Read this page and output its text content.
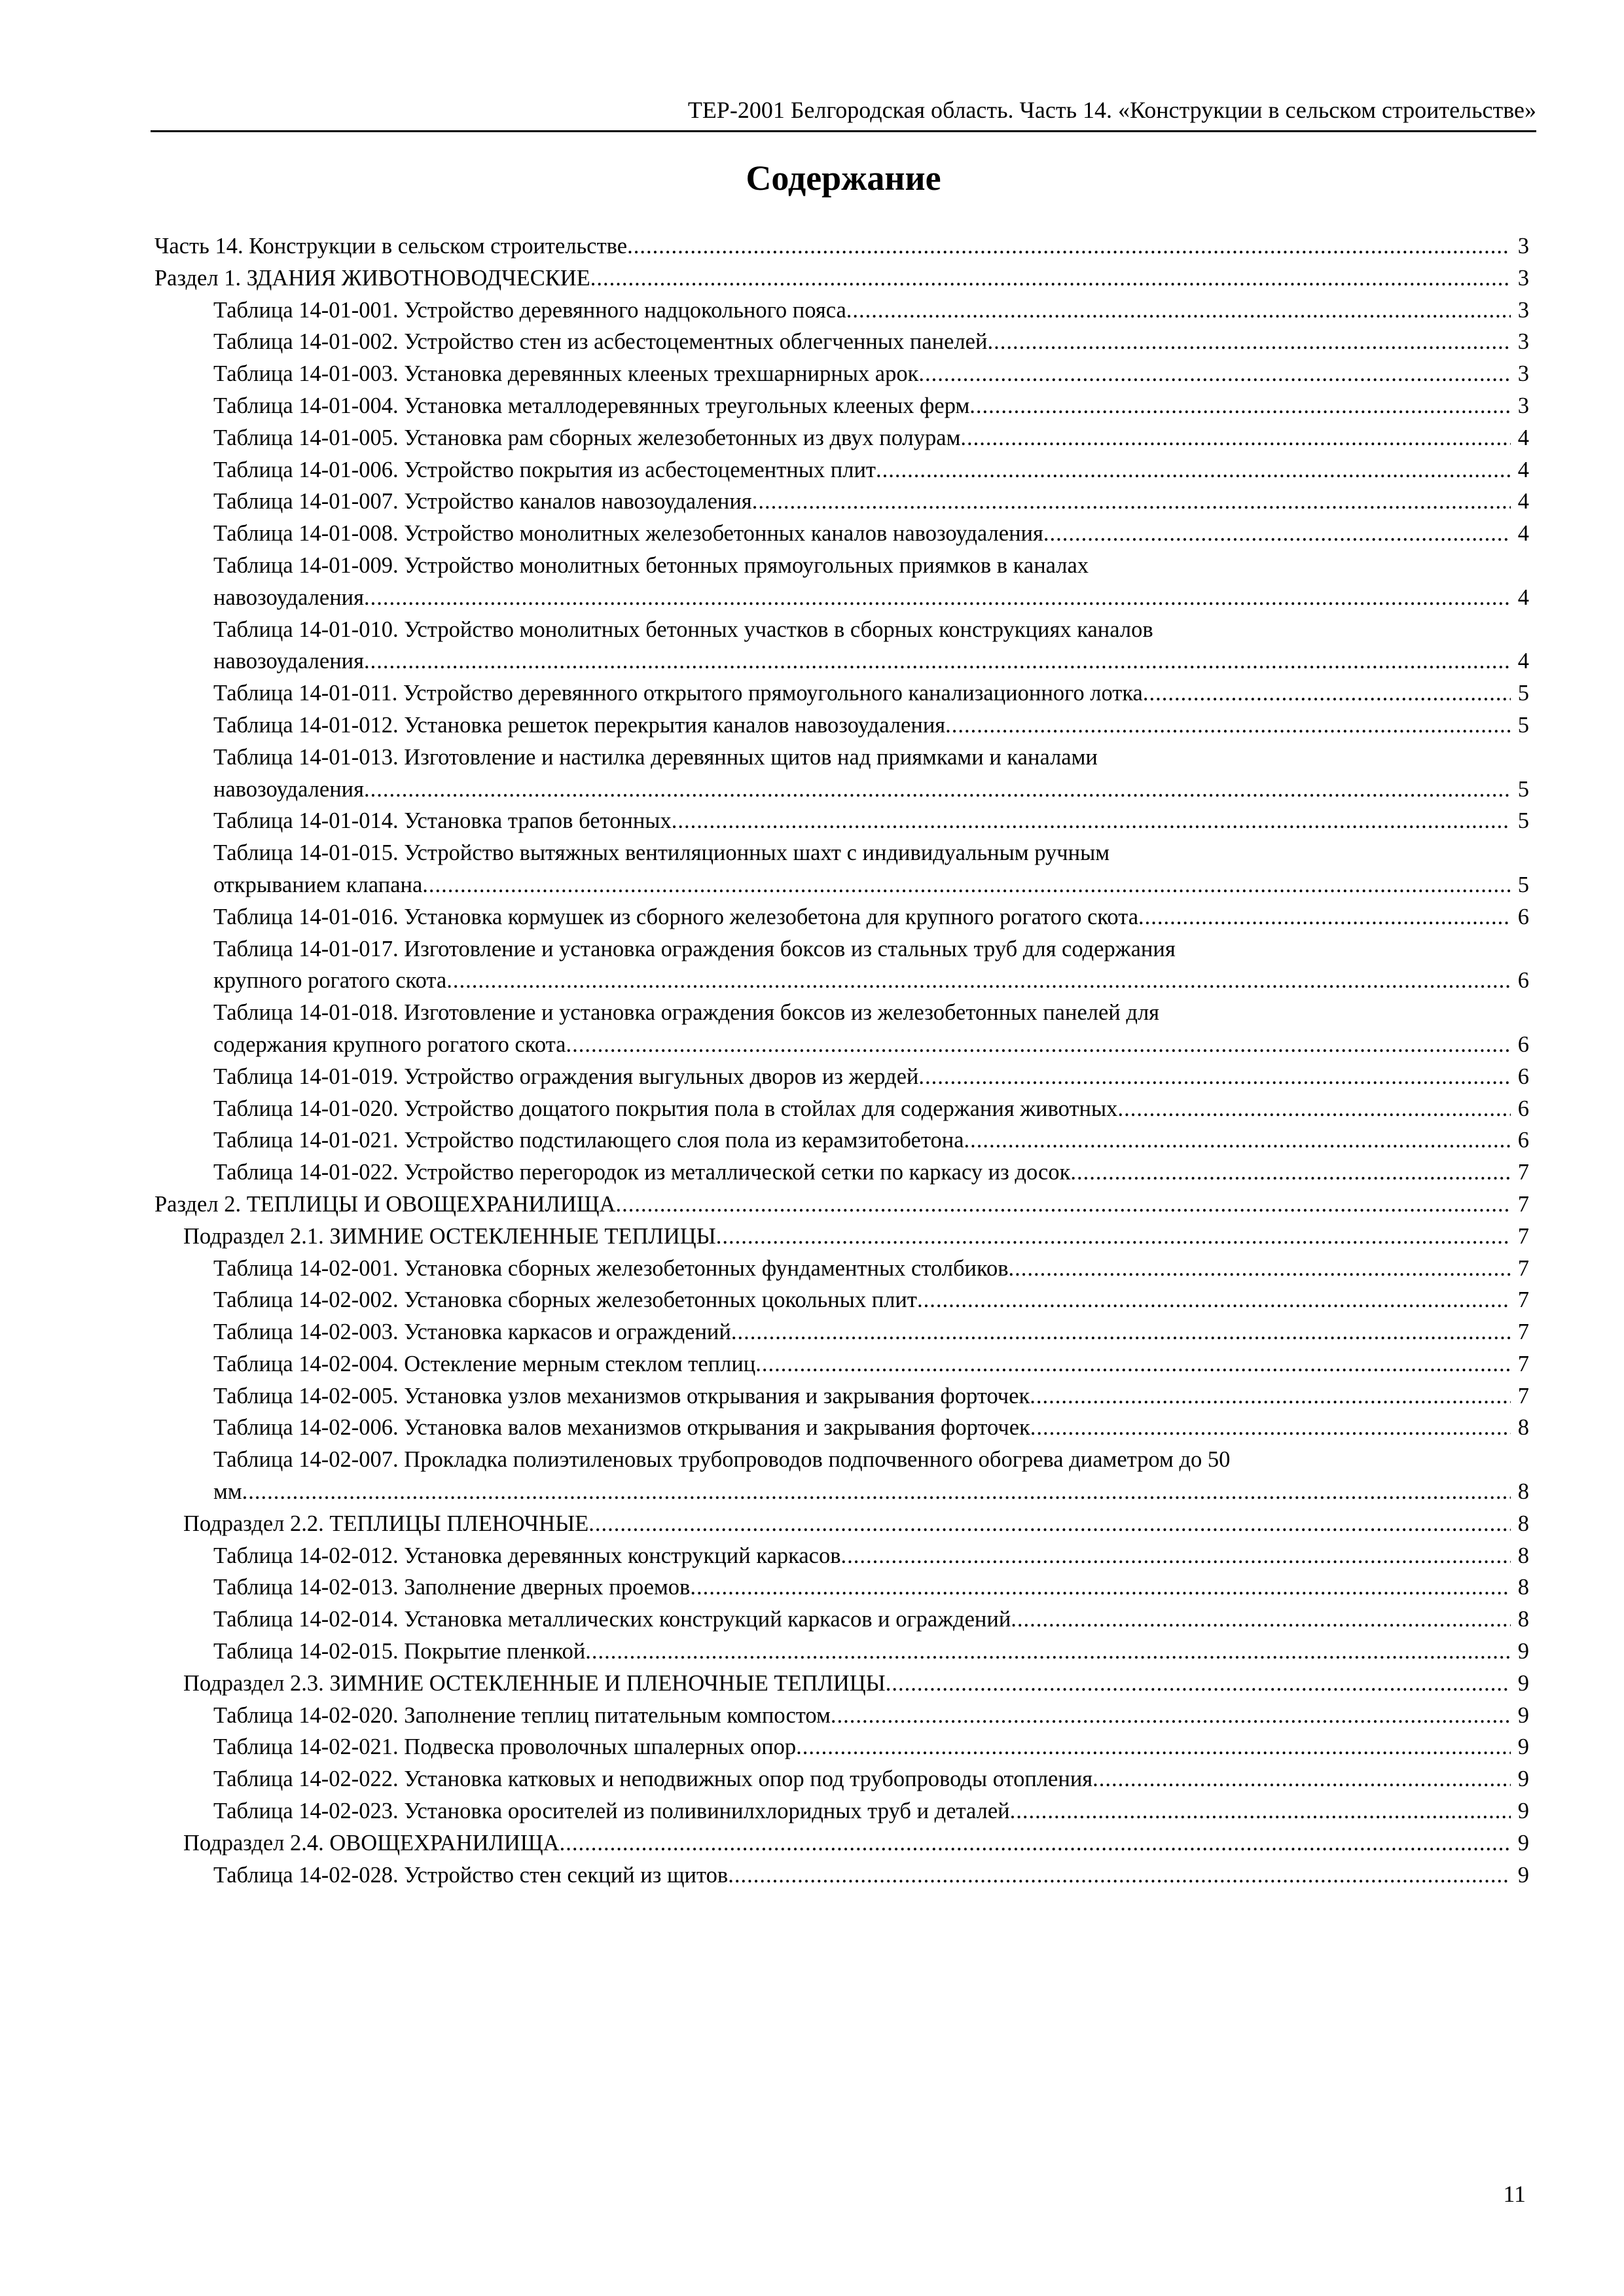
ТЕР-2001 Белгородская область. Часть 14. «Конструкции в сельском строительстве»
Содержание
Часть 14. Конструкции в сельском строительстве .....	3
Раздел 1. ЗДАНИЯ ЖИВОТНОВОДЧЕСКИЕ .....	3
Таблица 14-01-001. Устройство деревянного надцокольного пояса .....	3
Таблица 14-01-002. Устройство стен из асбестоцементных облегченных панелей .....	3
Таблица 14-01-003. Установка деревянных клееных трехшарнирных арок .....	3
Таблица 14-01-004. Установка металлодеревянных треугольных клееных ферм .....	3
Таблица 14-01-005. Установка рам сборных железобетонных из двух полурам .....	4
Таблица 14-01-006. Устройство покрытия из асбестоцементных плит .....	4
Таблица 14-01-007. Устройство каналов навозоудаления .....	4
Таблица 14-01-008. Устройство монолитных железобетонных каналов навозоудаления .....	4
Таблица 14-01-009. Устройство монолитных бетонных прямоугольных приямков в каналах
навозоудаления .....	4
Таблица 14-01-010. Устройство монолитных бетонных участков в сборных конструкциях каналов
навозоудаления .....	4
Таблица 14-01-011. Устройство деревянного открытого прямоугольного канализационного лотка .....	5
Таблица 14-01-012. Установка решеток перекрытия каналов навозоудаления .....	5
Таблица 14-01-013. Изготовление и настилка деревянных щитов над приямками и каналами
навозоудаления .....	5
Таблица 14-01-014. Установка трапов бетонных .....	5
Таблица 14-01-015. Устройство вытяжных вентиляционных шахт с индивидуальным ручным
открыванием клапана .....	5
Таблица 14-01-016. Установка кормушек из сборного железобетона для крупного рогатого скота .....	6
Таблица 14-01-017. Изготовление и установка ограждения боксов из стальных труб для содержания
крупного рогатого скота .....	6
Таблица 14-01-018. Изготовление и установка ограждения боксов из железобетонных панелей для
содержания крупного рогатого скота .....	6
Таблица 14-01-019. Устройство ограждения выгульных дворов из жердей .....	6
Таблица 14-01-020. Устройство дощатого покрытия пола в стойлах для содержания животных .....	6
Таблица 14-01-021. Устройство подстилающего слоя пола из керамзитобетона .....	6
Таблица 14-01-022. Устройство перегородок из металлической сетки по каркасу из досок .....	7
Раздел 2. ТЕПЛИЦЫ И ОВОЩЕХРАНИЛИЩА .....	7
Подраздел 2.1. ЗИМНИЕ ОСТЕКЛЕННЫЕ ТЕПЛИЦЫ .....	7
Таблица 14-02-001. Установка сборных железобетонных фундаментных столбиков .....	7
Таблица 14-02-002. Установка сборных железобетонных цокольных плит .....	7
Таблица 14-02-003. Установка каркасов и ограждений .....	7
Таблица 14-02-004. Остекление мерным стеклом теплиц .....	7
Таблица 14-02-005. Установка узлов механизмов открывания и закрывания форточек .....	7
Таблица 14-02-006. Установка валов механизмов открывания и закрывания форточек .....	8
Таблица 14-02-007. Прокладка полиэтиленовых трубопроводов подпочвенного обогрева диаметром до 50
мм .....	8
Подраздел 2.2. ТЕПЛИЦЫ ПЛЕНОЧНЫЕ .....	8
Таблица 14-02-012. Установка деревянных конструкций каркасов .....	8
Таблица 14-02-013. Заполнение дверных проемов .....	8
Таблица 14-02-014. Установка металлических конструкций каркасов и ограждений .....	8
Таблица 14-02-015. Покрытие пленкой .....	9
Подраздел 2.3. ЗИМНИЕ ОСТЕКЛЕННЫЕ И ПЛЕНОЧНЫЕ ТЕПЛИЦЫ .....	9
Таблица 14-02-020. Заполнение теплиц питательным компостом .....	9
Таблица 14-02-021. Подвеска проволочных шпалерных опор .....	9
Таблица 14-02-022. Установка катковых и неподвижных опор под трубопроводы отопления .....	9
Таблица 14-02-023. Установка оросителей из поливинилхлоридных труб и деталей .....	9
Подраздел 2.4. ОВОЩЕХРАНИЛИЩА .....	9
Таблица 14-02-028. Устройство стен секций из щитов .....	9
11
